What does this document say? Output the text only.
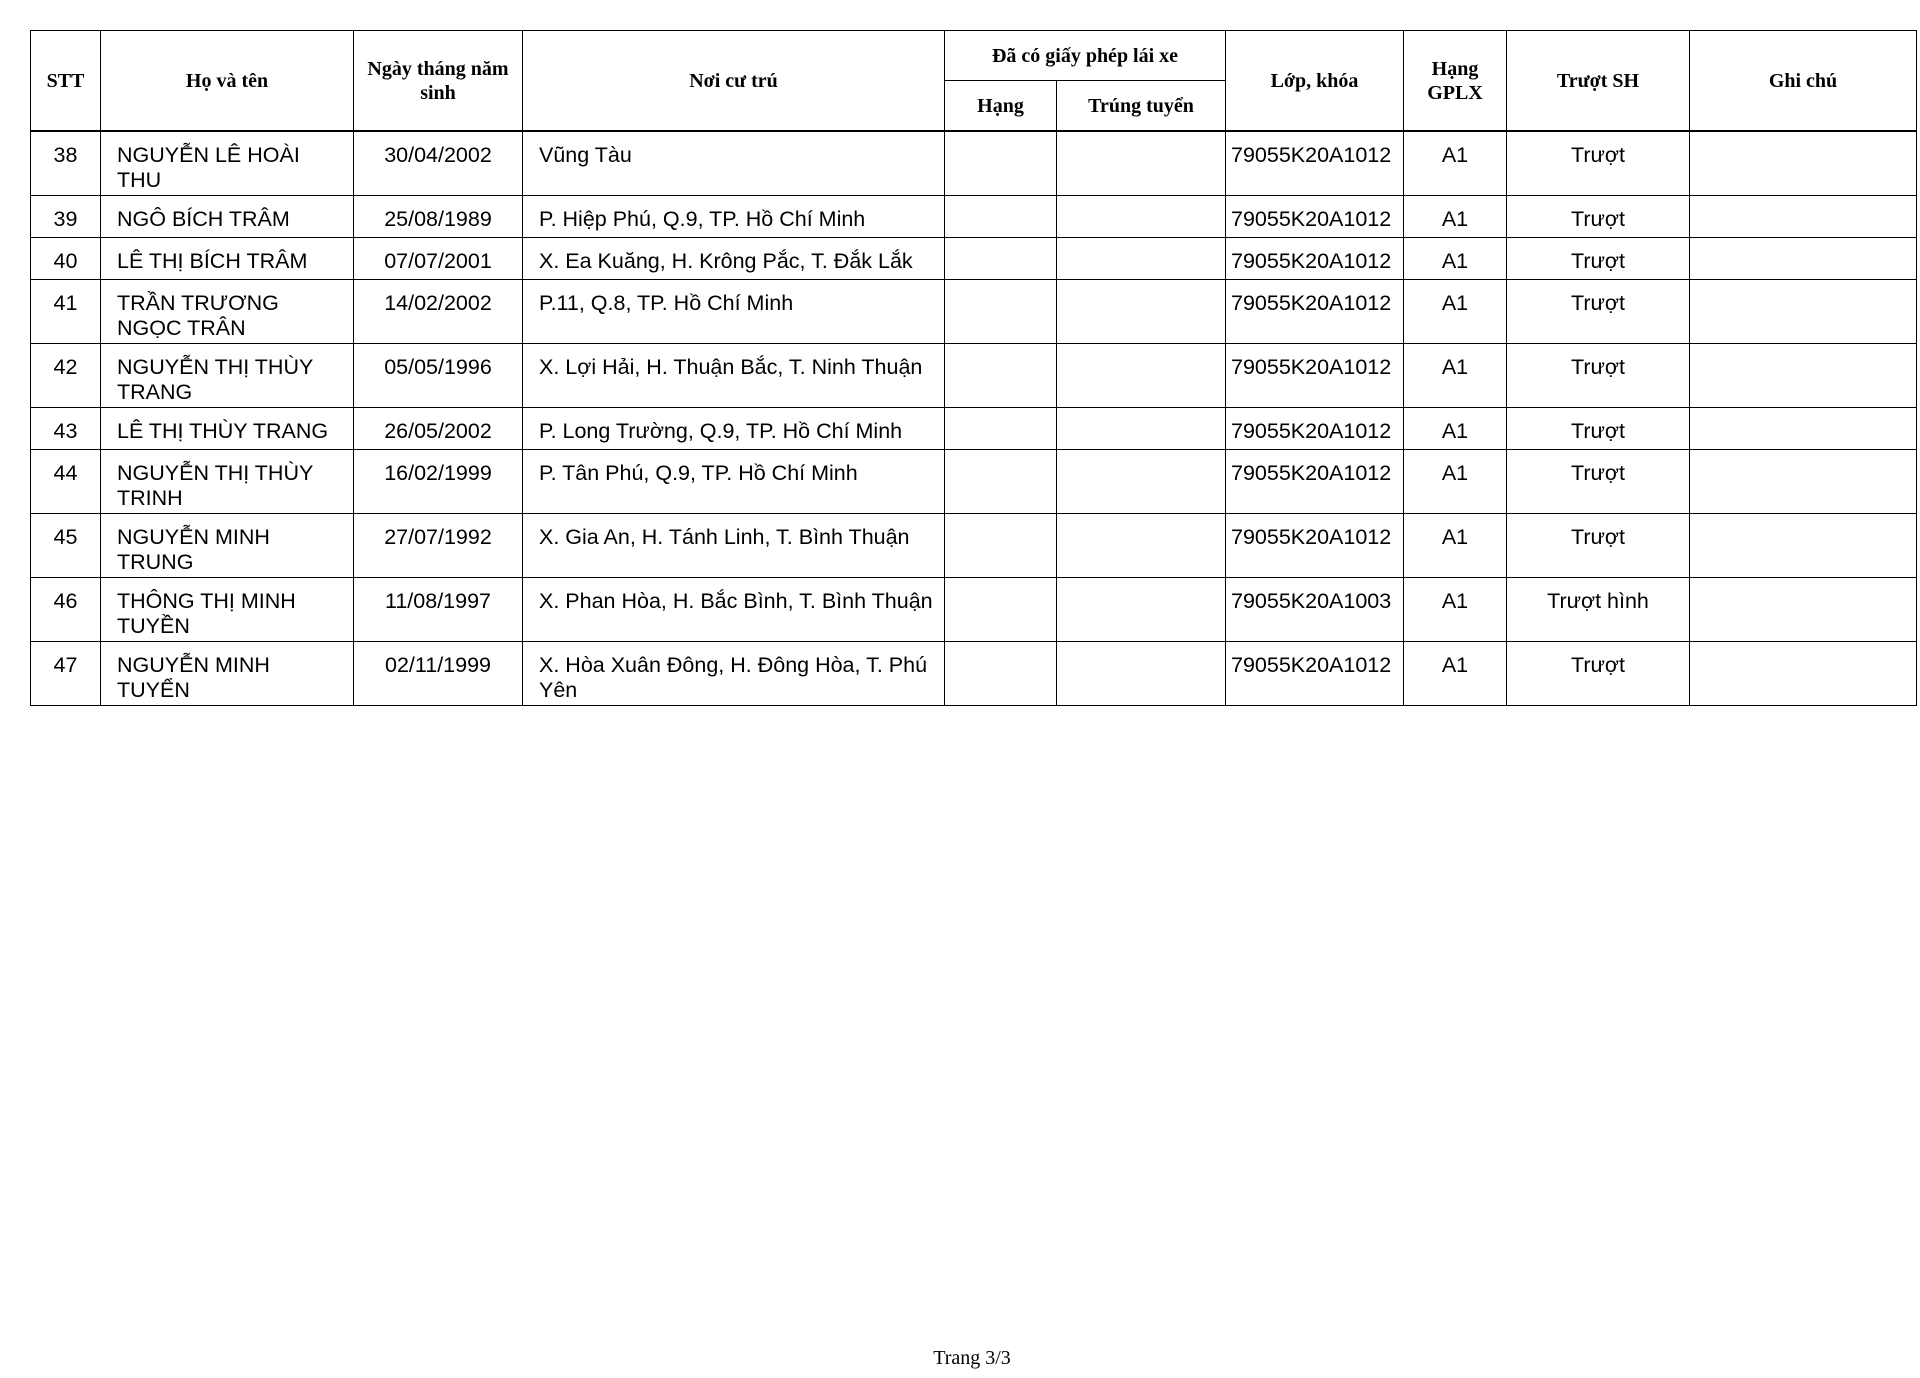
STT	Họ và tên	Ngày tháng năm sinh	Nơi cư trú	Đã có giấy phép lái xe		Lớp, khóa	Hạng GPLX	Trượt SH	Ghi chú
				Hạng	Trúng tuyển				
38	NGUYỄN LÊ HOÀI THU	30/04/2002	Vũng Tàu			79055K20A1012	A1	Trượt	
39	NGÔ BÍCH TRÂM	25/08/1989	P. Hiệp Phú, Q.9, TP. Hồ Chí Minh			79055K20A1012	A1	Trượt	
40	LÊ THỊ BÍCH TRÂM	07/07/2001	X. Ea Kuăng, H. Krông Pắc, T. Đắk Lắk			79055K20A1012	A1	Trượt	
41	TRẦN TRƯƠNG NGỌC TRÂN	14/02/2002	P.11, Q.8, TP. Hồ Chí Minh			79055K20A1012	A1	Trượt	
42	NGUYỄN THỊ THÙY TRANG	05/05/1996	X. Lợi Hải, H. Thuận Bắc, T. Ninh Thuận			79055K20A1012	A1	Trượt	
43	LÊ THỊ THÙY TRANG	26/05/2002	P. Long Trường, Q.9, TP. Hồ Chí Minh			79055K20A1012	A1	Trượt	
44	NGUYỄN THỊ THÙY TRINH	16/02/1999	P. Tân Phú, Q.9, TP. Hồ Chí Minh			79055K20A1012	A1	Trượt	
45	NGUYỄN MINH TRUNG	27/07/1992	X. Gia An, H. Tánh Linh, T. Bình Thuận			79055K20A1012	A1	Trượt	
46	THÔNG THỊ MINH TUYỀN	11/08/1997	X. Phan Hòa, H. Bắc Bình, T. Bình Thuận			79055K20A1003	A1	Trượt hình	
47	NGUYỄN MINH TUYỂN	02/11/1999	X. Hòa Xuân Đông, H. Đông Hòa, T. Phú Yên			79055K20A1012	A1	Trượt	
Trang 3/3
